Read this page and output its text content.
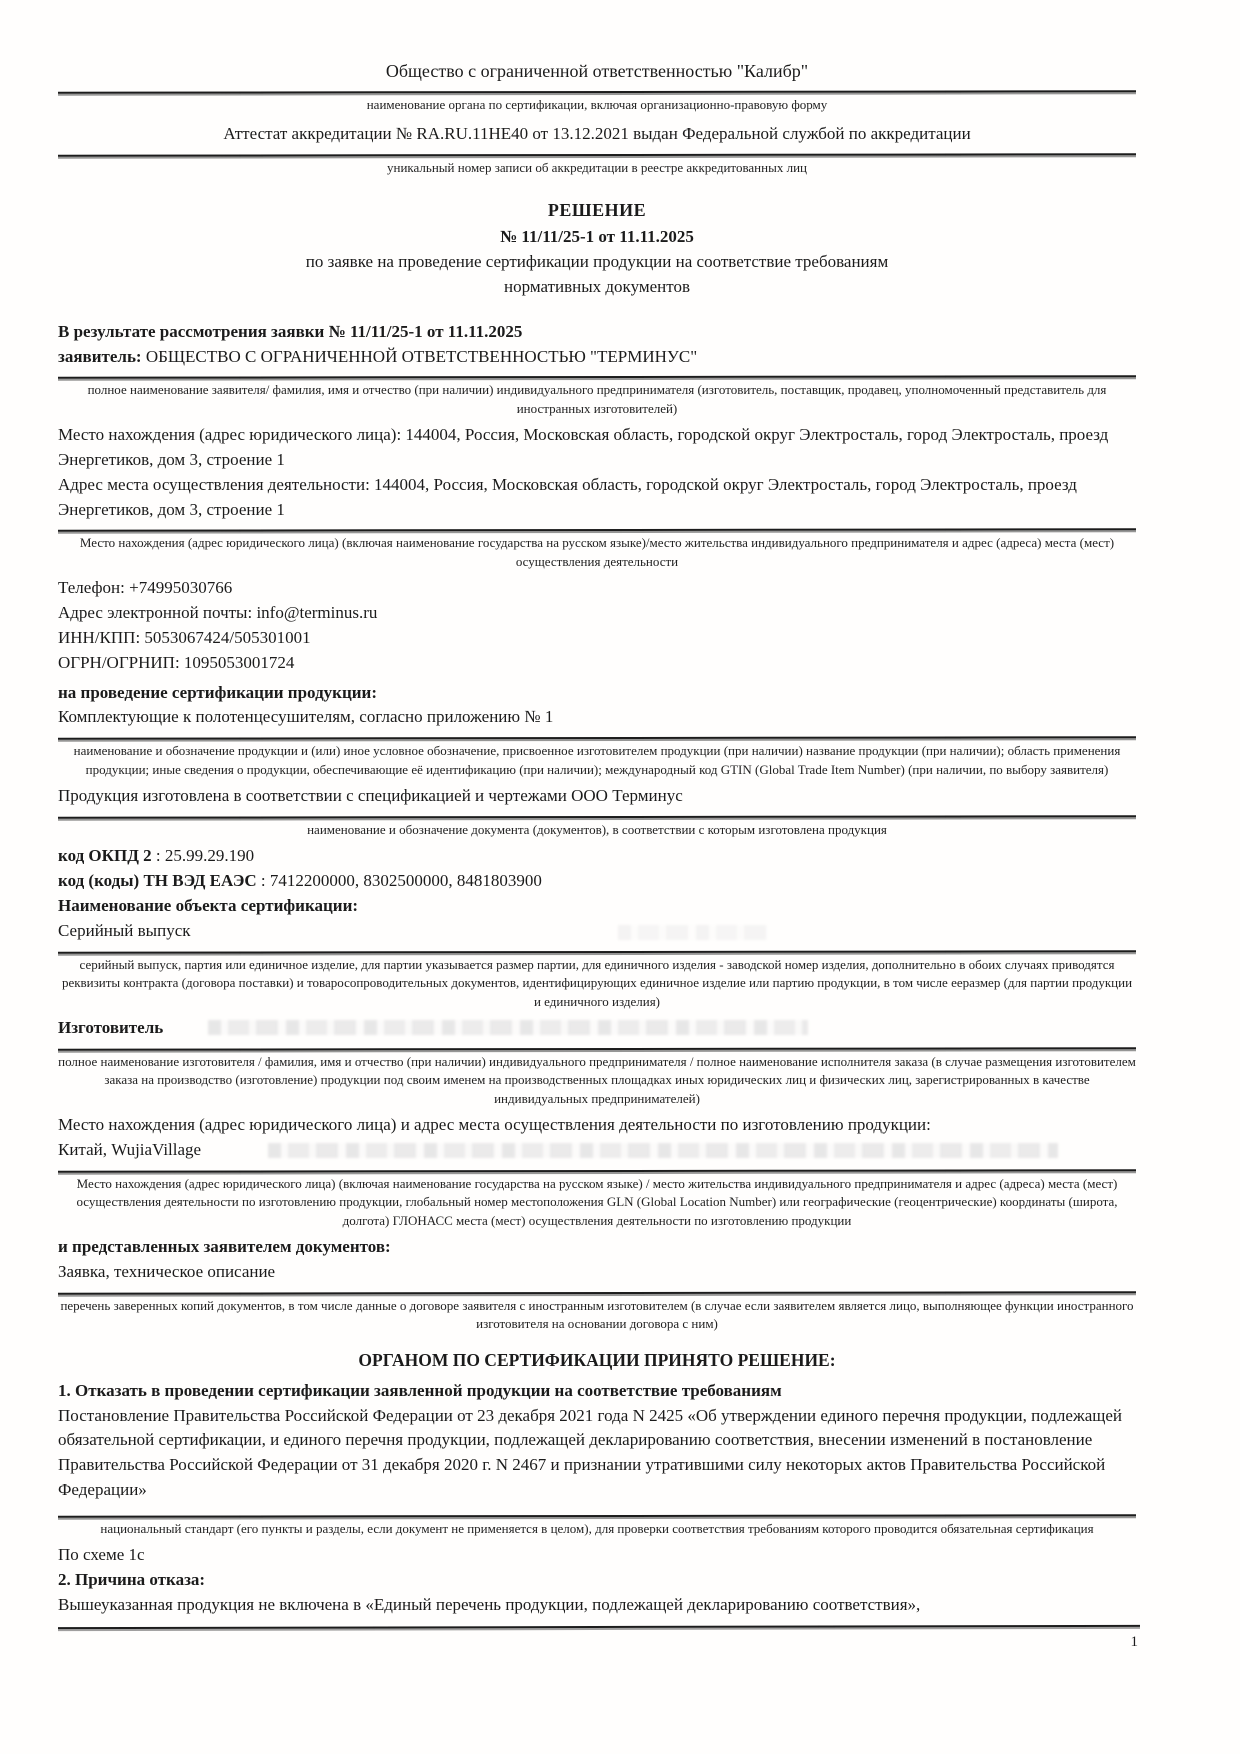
Общество с ограниченной ответственностью "Калибр"
наименование органа по сертификации, включая организационно-правовую форму
Аттестат аккредитации № RA.RU.11НЕ40 от 13.12.2021 выдан Федеральной службой по аккредитации
уникальный номер записи об аккредитации в реестре аккредитованных лиц
РЕШЕНИЕ
№ 11/11/25-1 от 11.11.2025
по заявке на проведение сертификации продукции на соответствие требованиям
нормативных документов
В результате рассмотрения заявки № 11/11/25-1 от 11.11.2025

заявитель: ОБЩЕСТВО С ОГРАНИЧЕННОЙ ОТВЕТСТВЕННОСТЬЮ "ТЕРМИНУС"

полное наименование заявителя/ фамилия, имя и отчество (при наличии) индивидуального предпринимателя (изготовитель, поставщик, продавец, уполномоченный представитель для иностранных изготовителей)

Место нахождения (адрес юридического лица): 144004, Россия, Московская область, городской округ Электросталь, город Электросталь, проезд Энергетиков, дом 3, строение 1

Адрес места осуществления деятельности: 144004, Россия, Московская область, городской округ Электросталь, город Электросталь, проезд Энергетиков, дом 3, строение 1

Место нахождения (адрес юридического лица) (включая наименование государства на русском языке)/место жительства индивидуального предпринимателя и адрес (адреса) места (мест) осуществления деятельности

Телефон: +74995030766

Адрес электронной почты: info@terminus.ru

ИНН/КПП: 5053067424/505301001

ОГРН/ОГРНИП: 1095053001724

на проведение сертификации продукции:

Комплектующие к полотенцесушителям, согласно приложению № 1

наименование и обозначение продукции и (или) иное условное обозначение, присвоенное изготовителем продукции (при наличии) название продукции (при наличии); область применения продукции; иные сведения о продукции, обеспечивающие её идентификацию (при наличии); международный код GTIN (Global Trade Item Number) (при наличии, по выбору заявителя)

Продукция изготовлена в соответствии с спецификацией и чертежами ООО Терминус

наименование и обозначение документа (документов), в соответствии с которым изготовлена продукция

код ОКПД 2 : 25.99.29.190

код (коды) ТН ВЭД ЕАЭС : 7412200000, 8302500000, 8481803900

Наименование объекта сертификации:

Серийный выпуск

серийный выпуск, партия или единичное изделие, для партии указывается размер партии, для единичного изделия - заводской номер изделия, дополнительно в обоих случаях приводятся реквизиты контракта (договора поставки) и товаросопроводительных документов, идентифицирующих единичное изделие или партию продукции, в том числе ееразмер (для партии продукции и единичного изделия)

Изготовитель

полное наименование изготовителя / фамилия, имя и отчество (при наличии) индивидуального предпринимателя / полное наименование исполнителя заказа (в случае размещения изготовителем заказа на производство (изготовление) продукции под своим именем на производственных площадках иных юридических лиц и физических лиц, зарегистрированных в качестве индивидуальных предпринимателей)

Место нахождения (адрес юридического лица) и адрес места осуществления деятельности по изготовлению продукции:

Китай, WujiaVillage

Место нахождения (адрес юридического лица) (включая наименование государства на русском языке) / место жительства индивидуального предпринимателя и адрес (адреса) места (мест) осуществления деятельности по изготовлению продукции, глобальный номер местоположения GLN (Global Location Number) или географические (геоцентрические) координаты (широта, долгота) ГЛОНАСС места (мест) осуществления деятельности по изготовлению продукции

и представленных заявителем документов:

Заявка, техническое описание

перечень заверенных копий документов, в том числе данные о договоре заявителя с иностранным изготовителем (в случае если заявителем является лицо, выполняющее функции иностранного изготовителя на основании договора с ним)
ОРГАНОМ ПО СЕРТИФИКАЦИИ ПРИНЯТО РЕШЕНИЕ:

1. Отказать в проведении сертификации заявленной продукции на соответствие требованиям

Постановление Правительства Российской Федерации от 23 декабря 2021 года N 2425 «Об утверждении единого перечня продукции, подлежащей обязательной сертификации, и единого перечня продукции, подлежащей декларированию соответствия, внесении изменений в постановление Правительства Российской Федерации от 31 декабря 2020 г. N 2467 и признании утратившими силу некоторых актов Правительства Российской Федерации»

национальный стандарт (его пункты и разделы, если документ не применяется в целом), для проверки соответствия требованиям которого проводится обязательная сертификация

По схеме 1с

2. Причина отказа:

Вышеуказанная продукция не включена в «Единый перечень продукции, подлежащей декларированию соответствия»,

1
